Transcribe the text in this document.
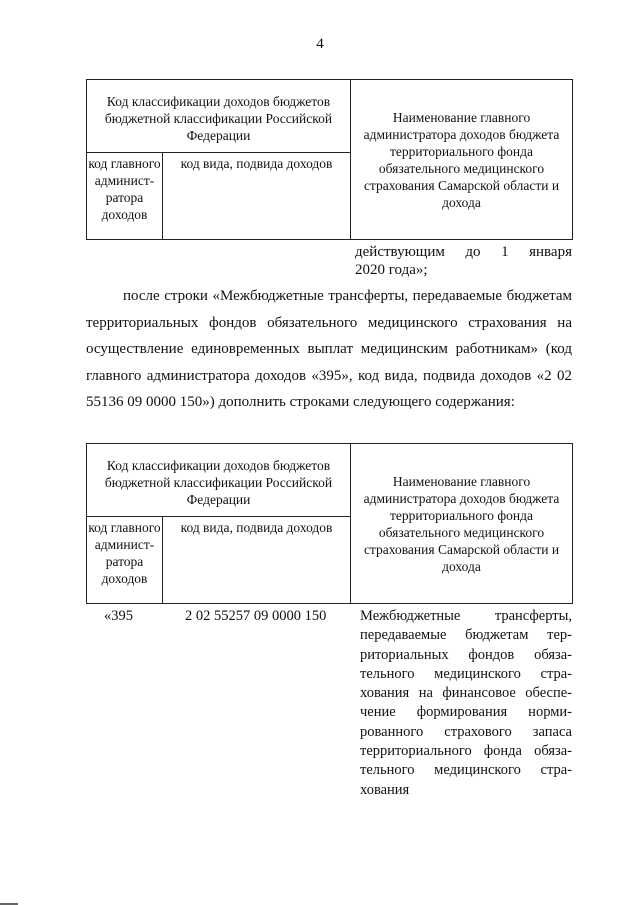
4
Код классификации доходов бюджетов бюджетной классификации Российской Федерации		Наименование главного администратора доходов бюджета территориального фонда обязательного медицинского страхования Самарской области и дохода
код главного админист-ратора доходов	код вида, подвида доходов	
действующим до 1 января
2020 года»;
после строки «Межбюджетные трансферты, передаваемые бюджетам территориальных фондов обязательного медицинского страхования на осуществление единовременных выплат медицинским работникам» (код главного администратора доходов «395», код вида, подвида доходов «2 02 55136 09 0000 150») дополнить строками следующего содержания:
Код классификации доходов бюджетов бюджетной классификации Российской Федерации		Наименование главного администратора доходов бюджета территориального фонда обязательного медицинского страхования Самарской области и дохода
код главного админист-ратора доходов	код вида, подвида доходов	
«395	2 02 55257 09 0000 150 Межбюджетные трансферты, передаваемые бюджетам тер-риториальных фондов обяза-тельного медицинского стра-хования на финансовое обеспе-чение формирования норми-рованного страхового запаса территориального фонда обяза-тельного медицинского стра-хования
